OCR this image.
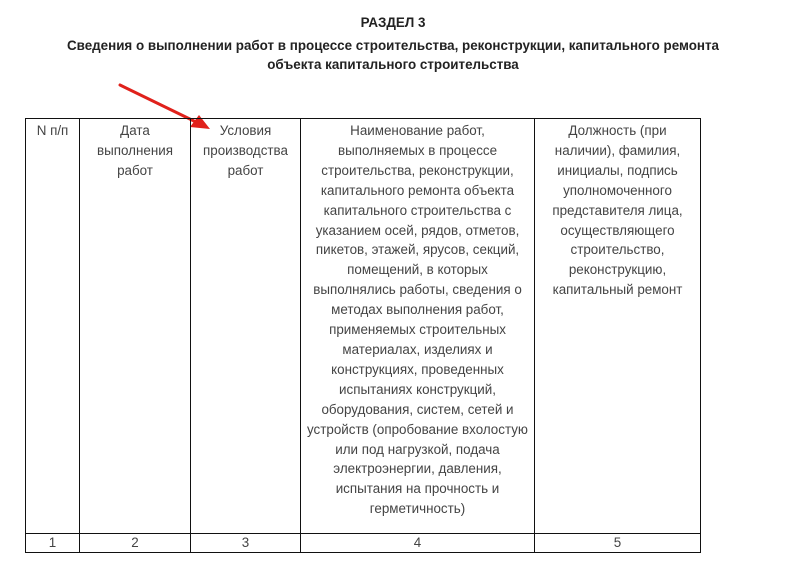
РАЗДЕЛ 3
Сведения о выполнении работ в процессе строительства, реконструкции, капитального ремонта
объекта капитального строительства
N п/п	Дата выполнения работ	Условия производства работ	Наименование работ, выполняемых в процессе строительства, реконструкции, капитального ремонта объекта капитального строительства с указанием осей, рядов, отметов, пикетов, этажей, ярусов, секций, помещений, в которых выполнялись работы, сведения о методах выполнения работ, применяемых строительных материалах, изделиях и конструкциях, проведенных испытаниях конструкций, оборудования, систем, сетей и устройств (опробование вхолостую или под нагрузкой, подача электроэнергии, давления, испытания на прочность и герметичность)	Должность (при наличии), фамилия, инициалы, подпись уполномоченного представителя лица, осуществляющего строительство, реконструкцию, капитальный ремонт

1	2	3	4	5
